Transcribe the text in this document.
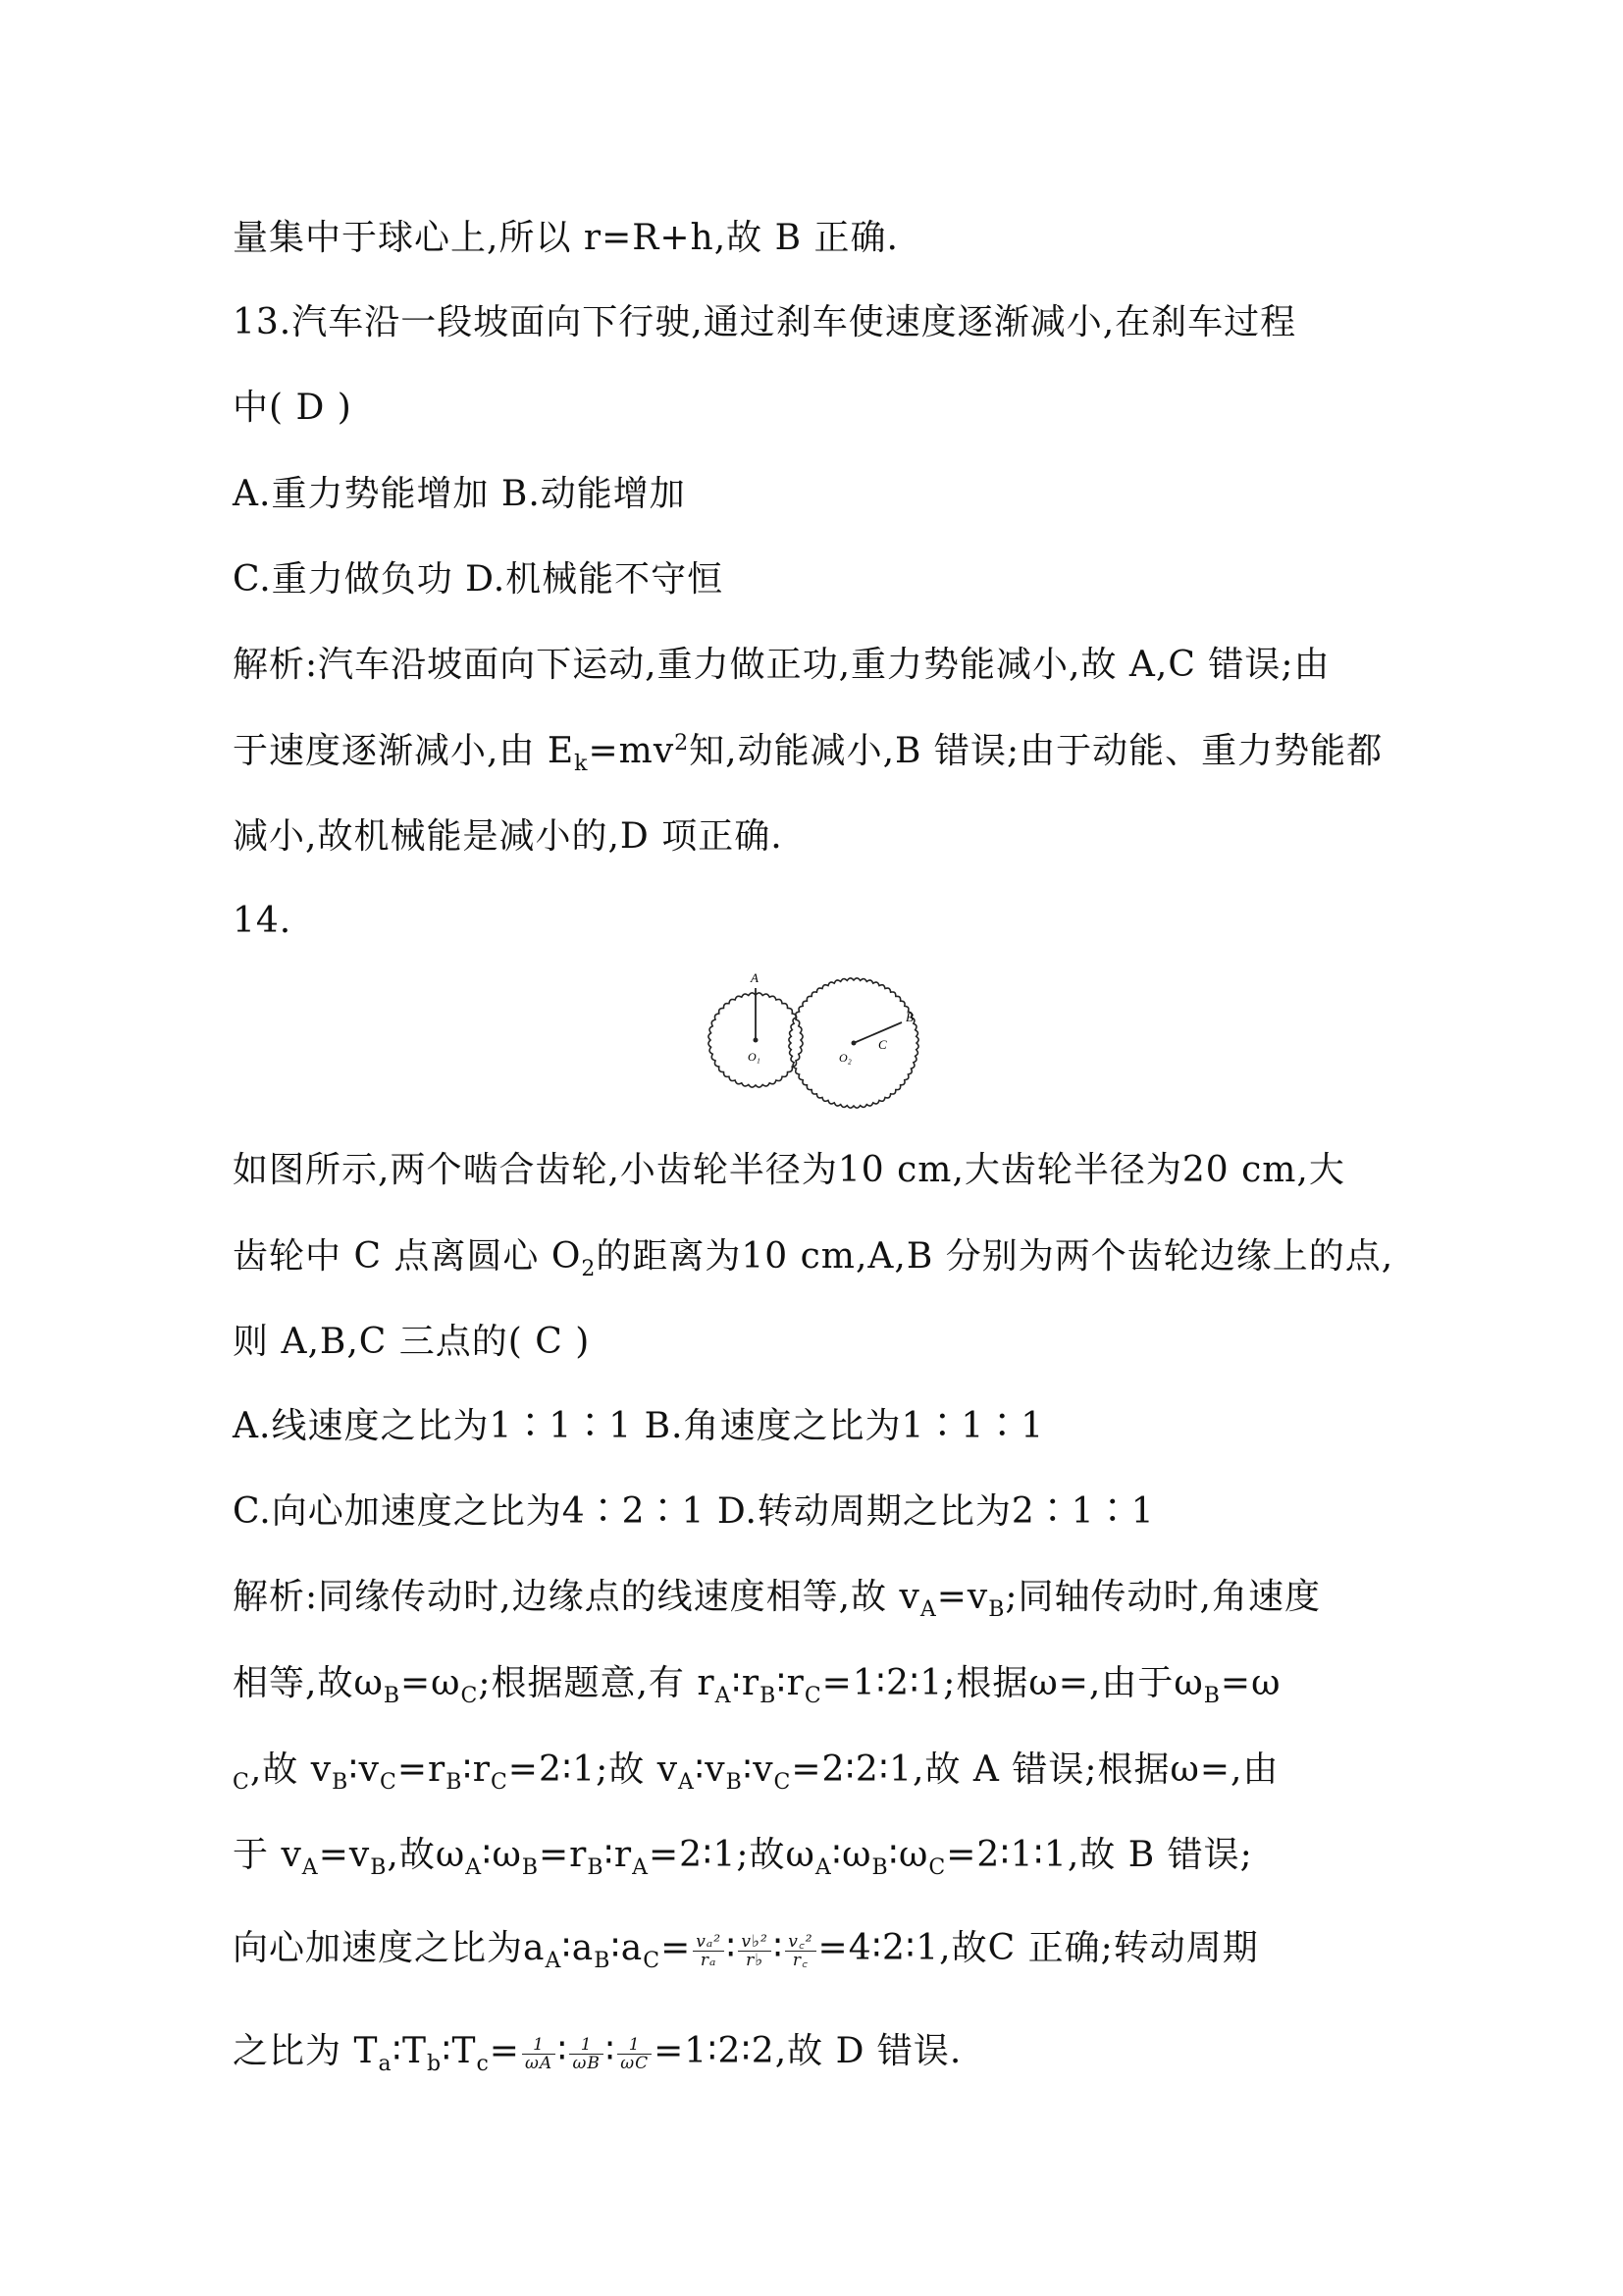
量集中于球心上,所以 r=R+h,故 B 正确.
13.汽车沿一段坡面向下行驶,通过刹车使速度逐渐减小,在刹车过程
中( D )
A.重力势能增加 B.动能增加
C.重力做负功 D.机械能不守恒
解析:汽车沿坡面向下运动,重力做正功,重力势能减小,故 A,C 错误;由
于速度逐渐减小,由 $E_k=mv^2$知,动能减小,B 错误;由于动能、重力势能都
减小,故机械能是减小的,D 项正确.
14.
A
B
C
O₁	O₂
如图所示,两个啮合齿轮,小齿轮半径为10 cm,大齿轮半径为20 cm,大
齿轮中 C 点离圆心 $O_2$的距离为10 cm,A,B 分别为两个齿轮边缘上的点,
则 A,B,C 三点的( C )
A.线速度之比为1∶1∶1 B.角速度之比为1∶1∶1
C.向心加速度之比为4∶2∶1 D.转动周期之比为2∶1∶1
解析:同缘传动时,边缘点的线速度相等,故 $v_A=v_B$;同轴传动时,角速度
相等,故$\omega_B=\omega_C$;根据题意,有 $r_A∶r_B∶r_C=1∶2∶1$;根据ω=,由于$\omega_B=\omega$
$_C$,故 $v_B∶v_C=r_B∶r_C=2∶1$;故 $v_A∶v_B∶v_C=2∶2∶1$,故 A 错误;根据ω=,由
于 $v_A=v_B$,故$\omega_A∶\omega_B=r_B∶r_A=2∶1$;故$\omega_A∶\omega_B∶\omega_C=2∶1∶1$,故 B 错误;
向心加速度之比为$a_A∶a_B∶a_C= \frac{\text{vₐ²}}{\text{rₐ}}$ ∶ $\frac{\text{v♭²}}{r♭}$ ∶ $\frac{\text{v꜀²}}{r꜀}$ =4∶2∶1,故C 正确;转动周期
之比为 $T_a∶T_b∶T_c= \frac{1}{\omega A}$ ∶ $\frac{1}{\omega B}$ ∶ $\frac{1}{\omega C}$ =1∶2∶2,故 D 错误.
